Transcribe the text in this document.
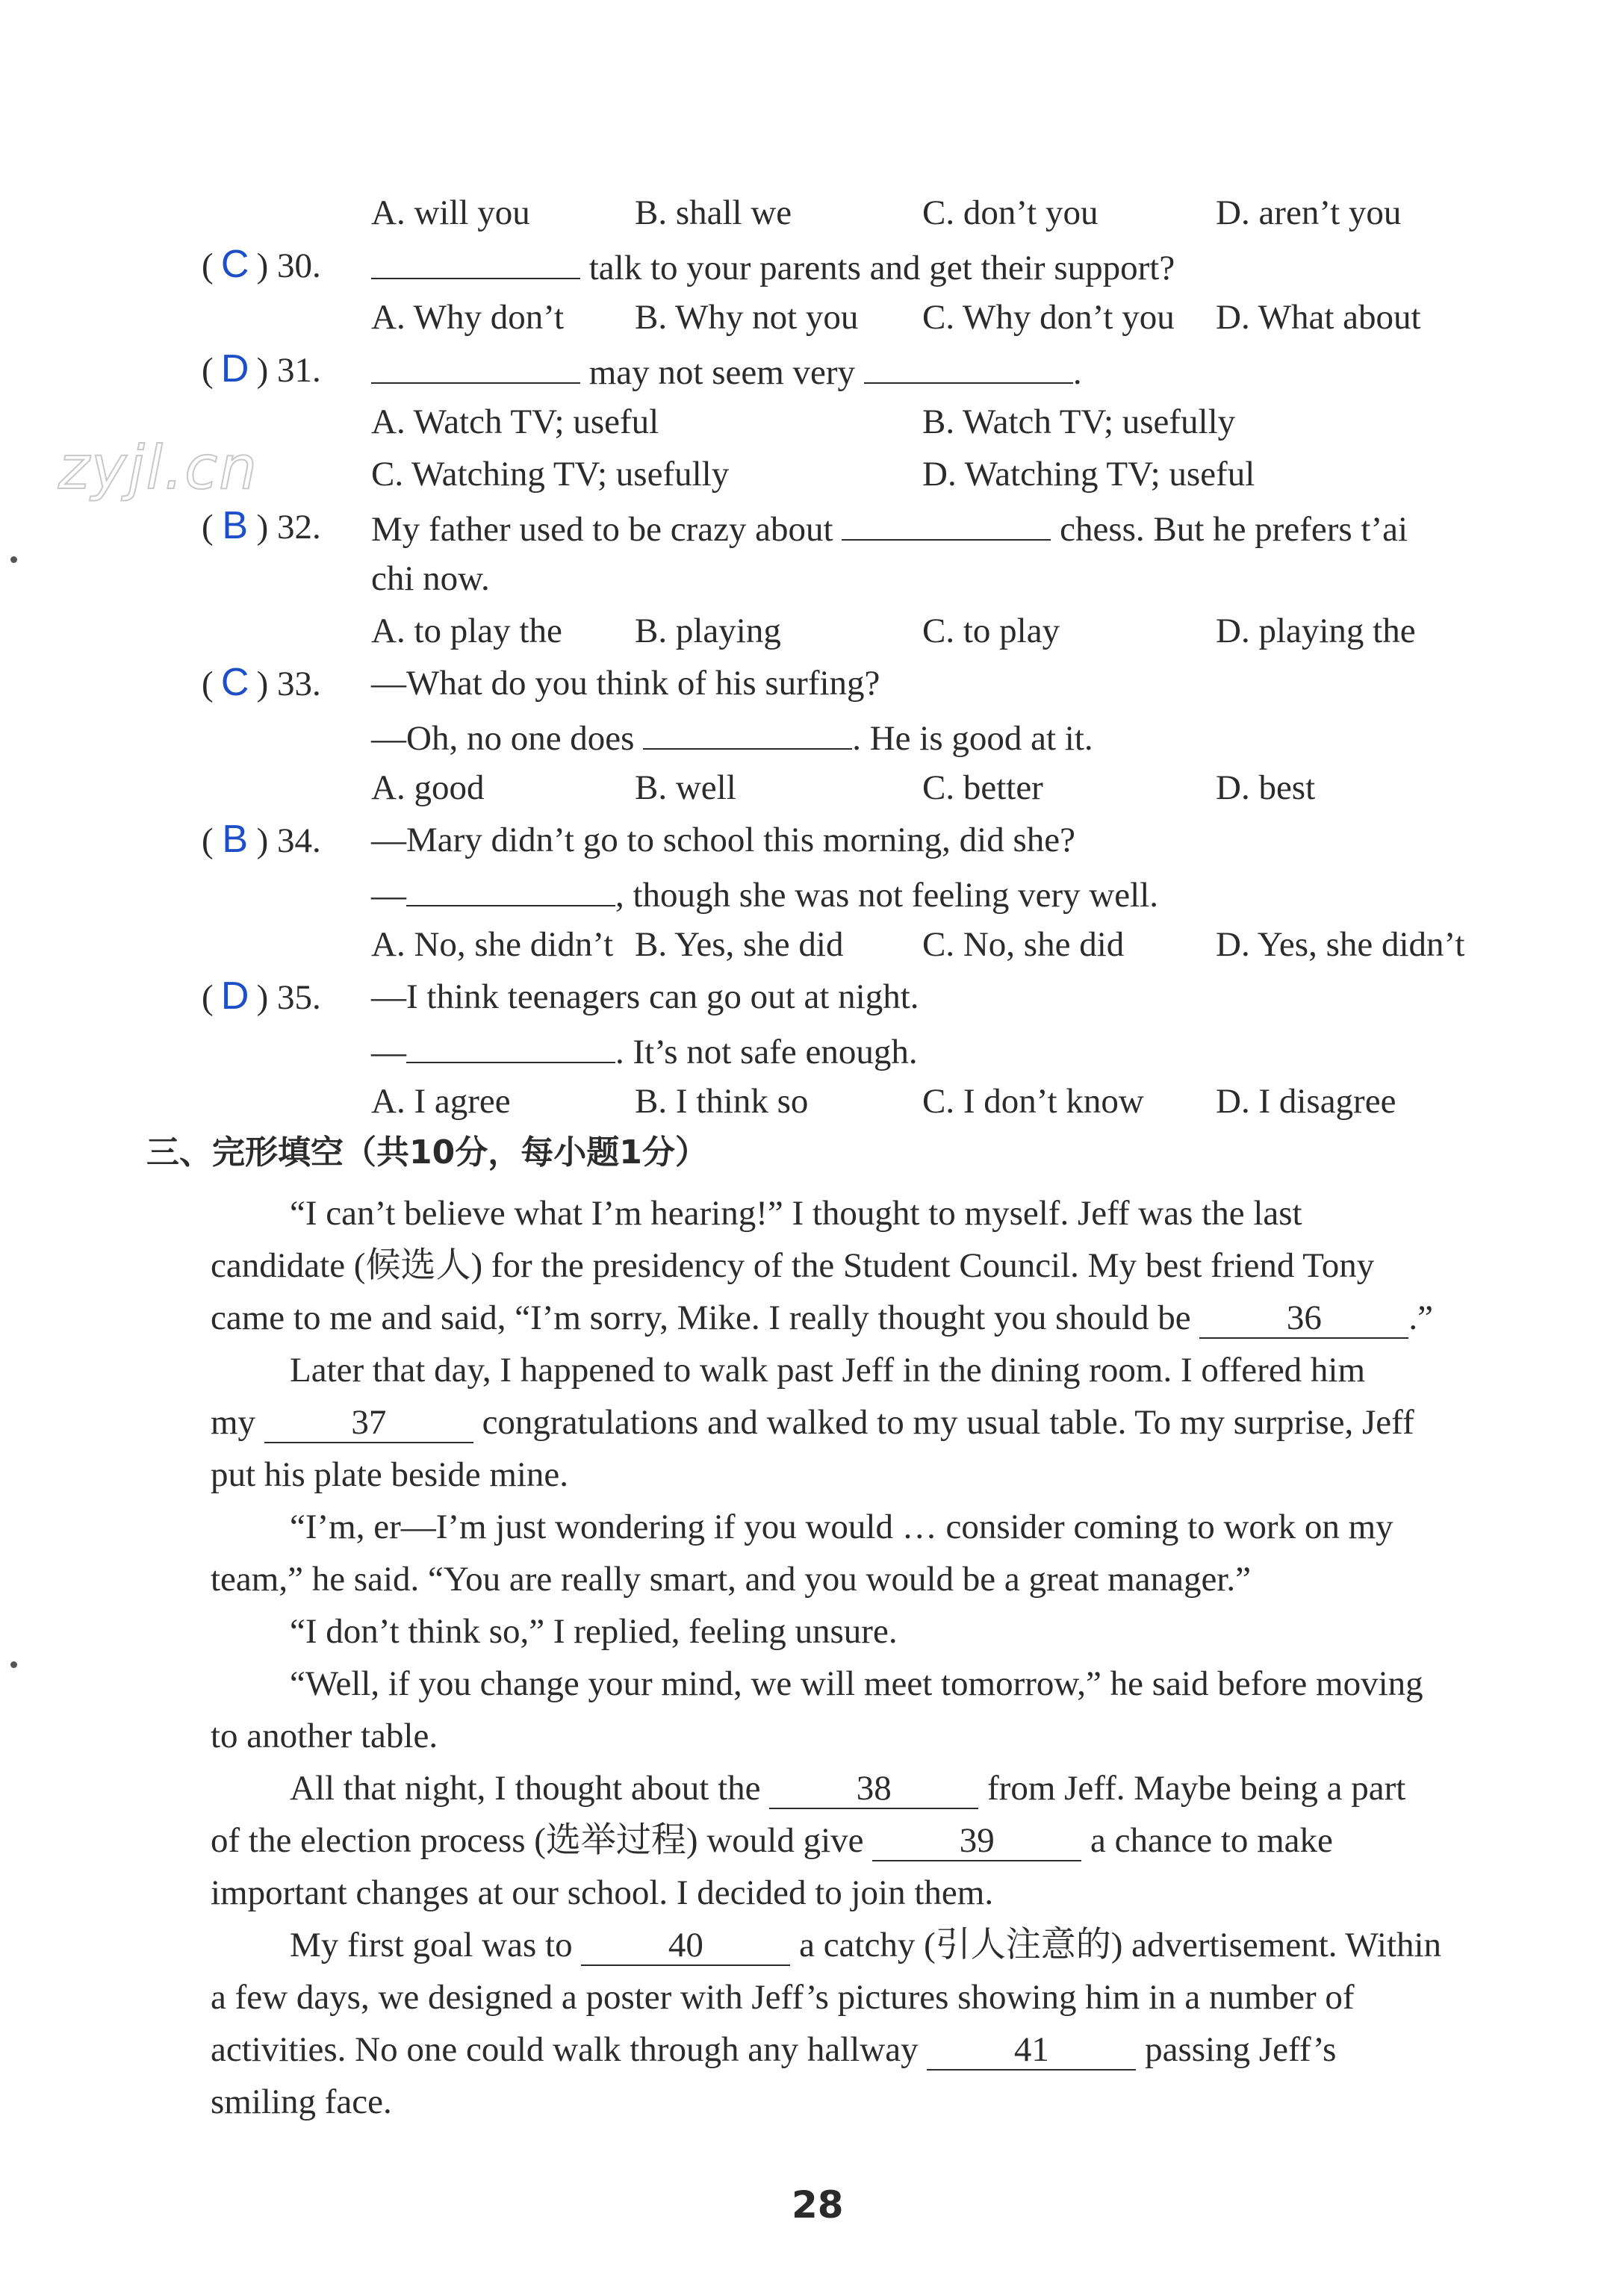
zyjl.cn
A. will you	B. shall we	C. don’t you	D. aren’t you
( C ) 30.	talk to your parents and get their support?
A. Why don’t B. Why not you C. Why don’t you D. What about
( D ) 31.	may not seem very	.
A. Watch TV; useful	B. Watch TV; usefully
C. Watching TV; usefully	D. Watching TV; useful
( B ) 32. My father used to be crazy about	chess. But he prefers t’ai
chi now.
A. to play the B. playing	C. to play	D. playing the
( C ) 33. —What do you think of his surfing?
—Oh, no one does	. He is good at it.
A. good	B. well	C. better	D. best
( B ) 34. —Mary didn’t go to school this morning, did she?
—	, though she was not feeling very well.
A. No, she didn’t B. Yes, she did C. No, she did	D. Yes, she didn’t
( D ) 35. —I think teenagers can go out at night.
—	. It’s not safe enough.
A. I agree	B. I think so	C. I don’t know D. I disagree
三、完形填空（共10分，每小题1分）
“I can’t believe what I’m hearing!” I thought to myself. Jeff was the last
candidate (候选人) for the presidency of the Student Council. My best friend Tony
came to me and said, “I’m sorry, Mike. I really thought you should be	36 .”
Later that day, I happened to walk past Jeff in the dining room. I offered him
my	37	congratulations and walked to my usual table. To my surprise, Jeff
put his plate beside mine.
“I’m, er—I’m just wondering if you would … consider coming to work on my
team,” he said. “You are really smart, and you would be a great manager.”
“I don’t think so,” I replied, feeling unsure.
“Well, if you change your mind, we will meet tomorrow,” he said before moving
to another table.
All that night, I thought about the	38	from Jeff. Maybe being a part
of the election process (选举过程) would give	39	a chance to make
important changes at our school. I decided to join them.
My first goal was to	40	a catchy (引人注意的) advertisement. Within
a few days, we designed a poster with Jeff’s pictures showing him in a number of
activities. No one could walk through any hallway	41	passing Jeff’s
smiling face.
28
